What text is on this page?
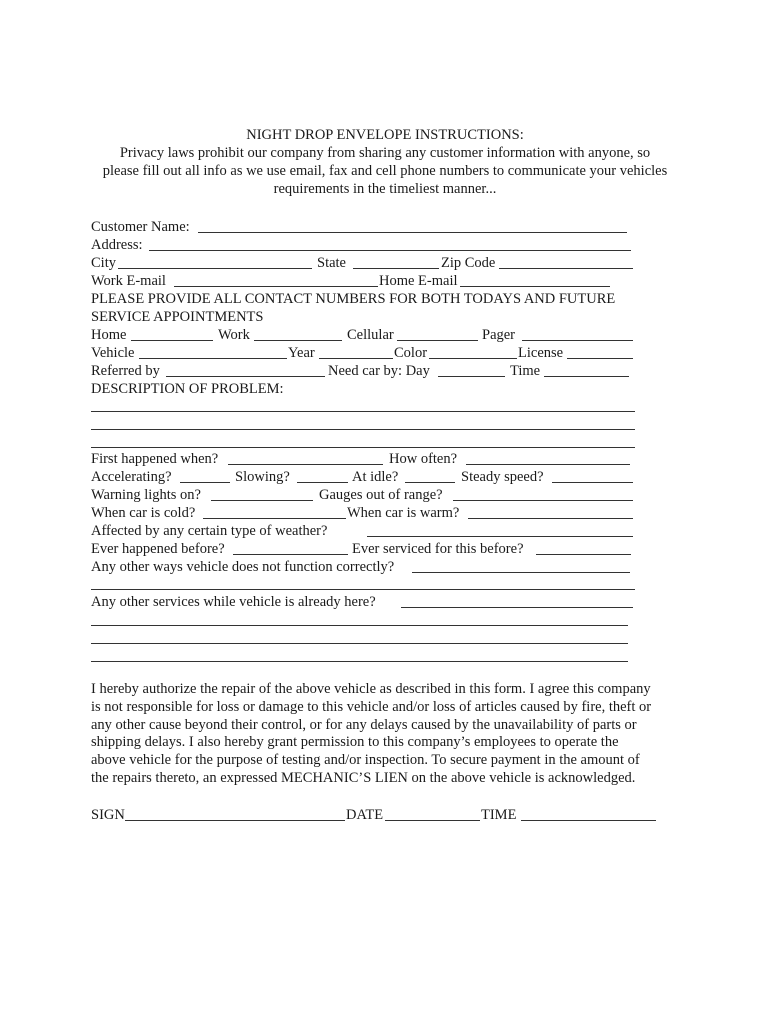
NIGHT DROP ENVELOPE INSTRUCTIONS:
Privacy laws prohibit our company from sharing any customer information with anyone, so
please fill out all info as we use email, fax and cell phone numbers to communicate your vehicles
requirements in the timeliest manner...
Customer Name:
Address:
City	State	Zip Code
Work E-mail	Home E-mail
PLEASE PROVIDE ALL CONTACT NUMBERS FOR BOTH TODAYS AND FUTURE
SERVICE APPOINTMENTS
Home	Work	Cellular	Pager
Vehicle	Year	Color	License
Referred by	Need car by: Day	Time
DESCRIPTION OF PROBLEM:
First happened when?	How often?
Accelerating?	Slowing?	At idle?	Steady speed?
Warning lights on?	Gauges out of range?
When car is cold?	When car is warm?
Affected by any certain type of weather?
Ever happened before?	Ever serviced for this before?
Any other ways vehicle does not function correctly?
Any other services while vehicle is already here?
I hereby authorize the repair of the above vehicle as described in this form. I agree this company
is not responsible for loss or damage to this vehicle and/or loss of articles caused by fire, theft or
any other cause beyond their control, or for any delays caused by the unavailability of parts or
shipping delays. I also hereby grant permission to this company’s employees to operate the
above vehicle for the purpose of testing and/or inspection. To secure payment in the amount of
the repairs thereto, an expressed MECHANIC’S LIEN on the above vehicle is acknowledged.
SIGN	DATE	TIME
